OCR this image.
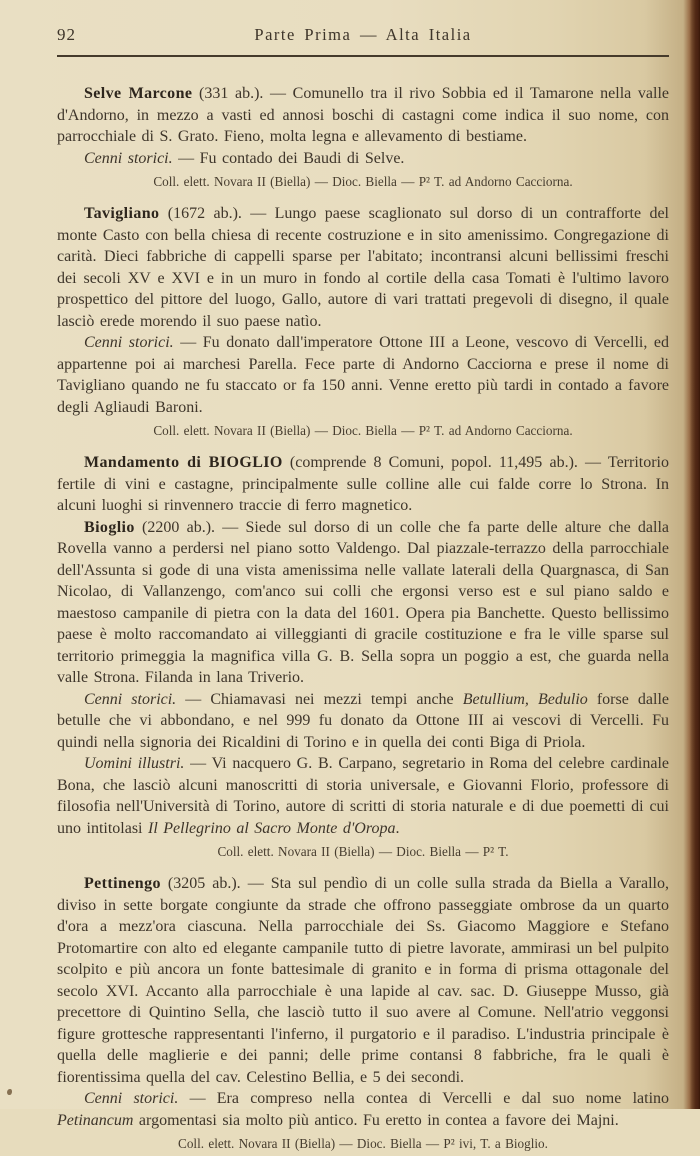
92	Parte Prima — Alta Italia

Selve Marcone (331 ab.). — Comunello tra il rivo Sobbia ed il Tamarone nella valle d'Andorno, in mezzo a vasti ed annosi boschi di castagni come indica il suo nome, con parrocchiale di S. Grato. Fieno, molta legna e allevamento di bestiame.

Cenni storici. — Fu contado dei Baudi di Selve.

Coll. elett. Novara II (Biella) — Dioc. Biella — P² T. ad Andorno Cacciorna.

Tavigliano (1672 ab.). — Lungo paese scaglionato sul dorso di un contrafforte del monte Casto con bella chiesa di recente costruzione e in sito amenissimo. Congregazione di carità. Dieci fabbriche di cappelli sparse per l'abitato; incontransi alcuni bellissimi freschi dei secoli XV e XVI e in un muro in fondo al cortile della casa Tomati è l'ultimo lavoro prospettico del pittore del luogo, Gallo, autore di vari trattati pregevoli di disegno, il quale lasciò erede morendo il suo paese natìo.

Cenni storici. — Fu donato dall'imperatore Ottone III a Leone, vescovo di Vercelli, ed appartenne poi ai marchesi Parella. Fece parte di Andorno Cacciorna e prese il nome di Tavigliano quando ne fu staccato or fa 150 anni. Venne eretto più tardi in contado a favore degli Agliaudi Baroni.

Coll. elett. Novara II (Biella) — Dioc. Biella — P² T. ad Andorno Cacciorna.

Mandamento di BIOGLIO (comprende 8 Comuni, popol. 11,495 ab.). — Territorio fertile di vini e castagne, principalmente sulle colline alle cui falde corre lo Strona. In alcuni luoghi si rinvennero traccie di ferro magnetico.

Bioglio (2200 ab.). — Siede sul dorso di un colle che fa parte delle alture che dalla Rovella vanno a perdersi nel piano sotto Valdengo. Dal piazzale-terrazzo della parrocchiale dell'Assunta si gode di una vista amenissima nelle vallate laterali della Quargnasca, di San Nicolao, di Vallanzengo, com'anco sui colli che ergonsi verso est e sul piano saldo e maestoso campanile di pietra con la data del 1601. Opera pia Banchette. Questo bellissimo paese è molto raccomandato ai villeggianti di gracile costituzione e fra le ville sparse sul territorio primeggia la magnifica villa G. B. Sella sopra un poggio a est, che guarda nella valle Strona. Filanda in lana Triverio.

Cenni storici. — Chiamavasi nei mezzi tempi anche Betullium, Bedulio forse dalle betulle che vi abbondano, e nel 999 fu donato da Ottone III ai vescovi di Vercelli. Fu quindi nella signoria dei Ricaldini di Torino e in quella dei conti Biga di Priola.

Uomini illustri. — Vi nacquero G. B. Carpano, segretario in Roma del celebre cardinale Bona, che lasciò alcuni manoscritti di storia universale, e Giovanni Florio, professore di filosofia nell'Università di Torino, autore di scritti di storia naturale e di due poemetti di cui uno intitolasi Il Pellegrino al Sacro Monte d'Oropa.

Coll. elett. Novara II (Biella) — Dioc. Biella — P² T.

Pettinengo (3205 ab.). — Sta sul pendìo di un colle sulla strada da Biella a Varallo, diviso in sette borgate congiunte da strade che offrono passeggiate ombrose da un quarto d'ora a mezz'ora ciascuna. Nella parrocchiale dei Ss. Giacomo Maggiore e Stefano Protomartire con alto ed elegante campanile tutto di pietre lavorate, ammirasi un bel pulpito scolpito e più ancora un fonte battesimale di granito e in forma di prisma ottagonale del secolo XVI. Accanto alla parrocchiale è una lapide al cav. sac. D. Giuseppe Musso, già precettore di Quintino Sella, che lasciò tutto il suo avere al Comune. Nell'atrio veggonsi figure grottesche rappresentanti l'inferno, il purgatorio e il paradiso. L'industria principale è quella delle maglierie e dei panni; delle prime contansi 8 fabbriche, fra le quali è fiorentissima quella del cav. Celestino Bellia, e 5 dei secondi.

Cenni storici. — Era compreso nella contea di Vercelli e dal suo nome latino Petinancum argomentasi sia molto più antico. Fu eretto in contea a favore dei Majni.

Coll. elett. Novara II (Biella) — Dioc. Biella — P² ivi, T. a Bioglio.
